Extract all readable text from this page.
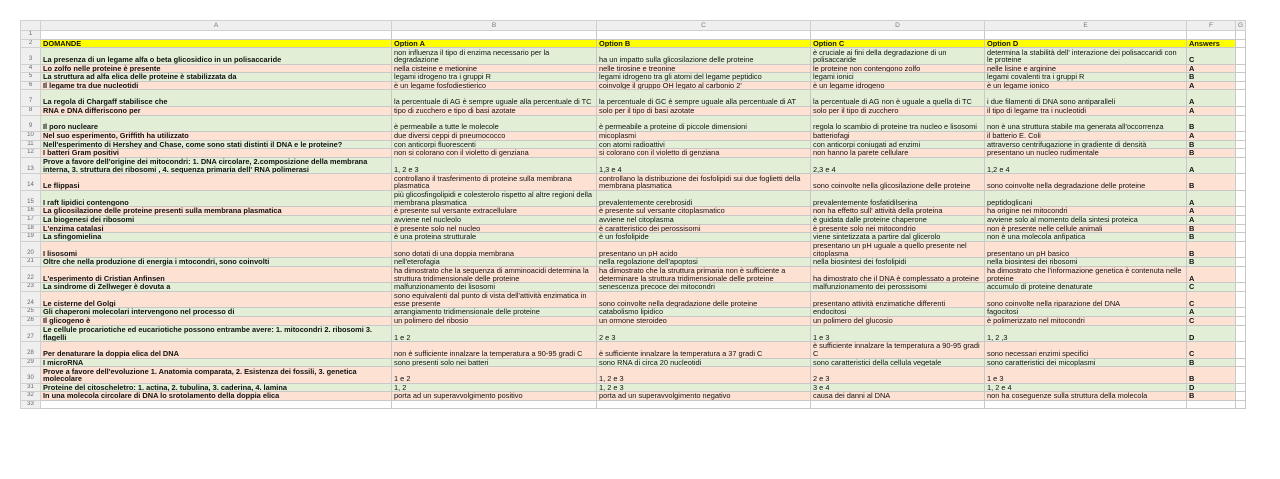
	A	B	C	D	E	F	G
1							
2	DOMANDE	Option A	Option B	Option C	Option D	Answers	
3	La presenza di un legame alfa o beta glicosidico in un polisaccaride	non influenza il tipo di enzima necessario per la degradazione	ha un impatto sulla glicosilazione delle proteine	è cruciale ai fini della degradazione di un polisaccaride	determina la stabilità dell' interazione dei polisaccaridi con le proteine	C	
4	Lo zolfo nelle proteine è presente	nella cisteine e metionine	nelle tirosine e treonine	le proteine non contengono zolfo	nelle lisine e arginine	A	
5	La struttura ad alfa elica delle proteine è stabilizzata da	legami idrogeno tra i gruppi R	legami idrogeno tra gli atomi del legame peptidico	legami ionici	legami covalenti tra i gruppi R	B	
6	Il legame tra due nucleotidi	è un legame fosfodiestierico	coinvolge il gruppo OH legato al carbonio 2'	è un legame idrogeno	è un legame ionico	A	
7	La regola di Chargaff stabilisce che	la percentuale di AG è sempre uguale alla percentuale di TC	la percentuale di GC è sempre uguale alla percentuale di AT	la percentuale di AG non è uguale a quella di TC	i due filamenti di DNA sono antiparalleli	A	
8	RNA e DNA differiscono per	tipo di zucchero e tipo di basi azotate	solo per il tipo di basi azotate	solo per il tipo di zucchero	il tipo di legame tra i nucleotidi	A	
9	Il poro nucleare	è permeabile a tutte le molecole	è permeabile a proteine di piccole dimensioni	regola lo scambio di proteine tra nucleo e lisosomi	non è una struttura stabile ma generata all'occorrenza	B	
10	Nel suo esperimento, Griffith ha utilizzato	due diversi ceppi di pneumococco	micoplasmi	batteriofagi	il batterio E. Coli	A	
11	Nell'esperimento di Hershey and Chase, come sono stati distinti il DNA e le proteine?	con anticorpi fluorescenti	con atomi radioattivi	con anticorpi coniugati ad enzimi	attraverso centrifugazione in gradiente di densità	B	
12	I batteri Gram positivi	non si colorano con il violetto di genziana	si colorano con il violetto di genziana	non hanno la parete cellulare	presentano un nucleo rudimentale	B	
13	Prove a favore dell'origine dei mitocondri: 1. DNA circolare, 2.composizione della membrana interna, 3. struttura dei ribosomi , 4. sequenza primaria dell' RNA polimerasi	1, 2 e 3	1,3 e 4	2,3 e 4	1,2 e 4	A	
14	Le flippasi	controllano il trasferimento di proteine sulla membrana plasmatica	controllano la distribuzione dei fosfolipidi sui due foglietti della membrana plasmatica	sono coinvolte nella glicosilazione delle proteine	sono coinvolte nella degradazione delle proteine	B	
15	I raft lipidici contengono	più glicosfingolipidi e colesterolo rispetto al altre regioni della membrana plasmatica	prevalentemente cerebrosidi	prevalentemente fosfatidilserina	peptidoglicani	A	
16	La glicosilazione delle proteine presenti sulla membrana plasmatica	è presente sul versante extracellulare	è presente sul versante citoplasmatico	non ha effetto sull' attività della proteina	ha origine nei mitocondri	A	
17	La biogenesi dei ribosomi	avviene nel nucleolo	avviene nel citoplasma	è guidata dalle proteine chaperone	avviene solo al momento della sintesi proteica	A	
18	L'enzima catalasi	è presente solo nel nucleo	è caratteristico dei perossisomi	è presente solo nei mitocondrio	non è presente nelle cellule animali	B	
19	La sfingomielina	è una proteina strutturale	è un fosfolipide	viene sintetizzata a partire dal glicerolo	non è una molecola anfipatica	B	
20	I lisosomi	sono dotati di una doppia membrana	presentano un pH acido	presentano un pH uguale a quello presente nel citoplasma	presentano un pH basico	B	
21	Oltre che nella produzione di energia i mtocondri, sono coinvolti	nell'eterofagia	nella regolazione dell'apoptosi	nella biosintesi dei fosfolipidi	nella biosintesi dei ribosomi	B	
22	L'esperimento di Cristian Anfinsen	ha dimostrato che la sequenza di amminoacidi determina la struttura tridimensionale delle proteine	ha dimostrato che la struttura primaria non è sufficiente a determinare la struttura tridimensionale delle proteine	ha dimostrato che il DNA è complessato a proteine	ha dimostrato che l'informazione genetica è contenuta nelle proteine	A	
23	La sindrome di Zellweger è dovuta a	malfunzionamento dei lisosomi	senescenza precoce dei mitocondri	malfunzionamento dei perossisomi	accumulo di proteine denaturate	C	
24	Le cisterne del Golgi	sono equivalenti dal punto di vista dell'attività enzimatica in esse presente	sono coinvolte nella degradazione delle proteine	presentano attività enzimatiche differenti	sono coinvolte nella riparazione del DNA	C	
25	Gli chaperoni molecolari intervengono nel processo di	arrangiamento tridimensionale delle proteine	catabolismo lipidico	endocitosi	fagocitosi	A	
26	Il glicogeno è	un polimero del ribosio	un ormone steroideo	un polimero del glucosio	è polimerizzato nel mitocondri	C	
27	Le cellule procariotiche ed eucariotiche possono entrambe avere: 1. mitocondri 2. ribosomi 3. flagelli	1 e 2	2 e 3	1 e 3	1, 2 ,3	D	
28	Per denaturare la doppia elica del DNA	non è sufficiente innalzare la temperatura a 90-95 gradi C	è sufficiente innalzare la temperatura a 37 gradi C	è sufficiente innalzare la temperatura a 90-95 gradi C	sono necessari enzimi specifici	C	
29	I microRNA	sono presenti solo nei batteri	sono RNA di circa 20 nucleotidi	sono caratteristici della cellula vegetale	sono caratteristici dei micoplasmi	B	
30	Prove a favore dell'evoluzione 1. Anatomia comparata, 2. Esistenza dei fossili, 3. genetica molecolare	1 e 2	1, 2 e 3	2 e 3	1 e 3	B	
31	Proteine del citoscheletro: 1. actina, 2. tubulina, 3. caderina, 4. lamina	1, 2	1, 2 e 3	3 e 4	1, 2 e 4	D	
32	In una molecola circolare di DNA lo srotolamento della doppia elica	porta ad un superavvolgimento positivo	porta ad un superavvolgimento negativo	causa dei danni al DNA	non ha coseguenze sulla struttura della molecola	B	
33							
